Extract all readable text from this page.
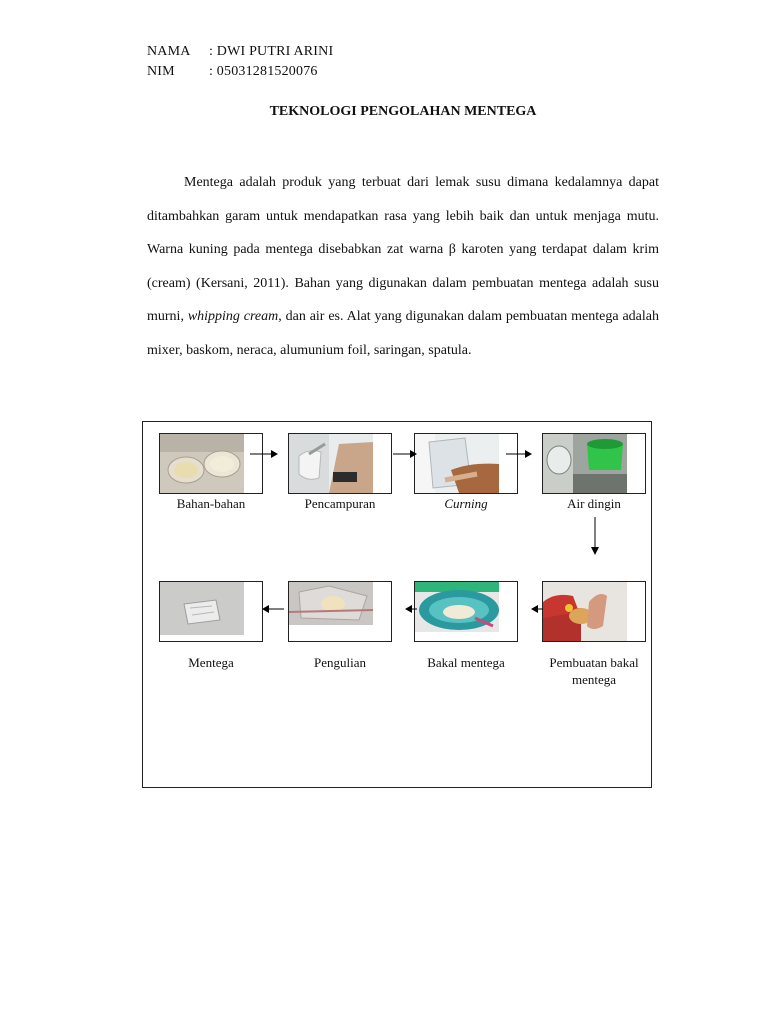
NAMA : DWI PUTRI ARINI
NIM : 05031281520076
TEKNOLOGI PENGOLAHAN MENTEGA

Mentega adalah produk yang terbuat dari lemak susu dimana kedalamnya dapat ditambahkan garam untuk mendapatkan rasa yang lebih baik dan untuk menjaga mutu. Warna kuning pada mentega disebabkan zat warna β karoten yang terdapat dalam krim (cream) (Kersani, 2011). Bahan yang digunakan dalam pembuatan mentega adalah susu murni, whipping cream, dan air es. Alat yang digunakan dalam pembuatan mentega adalah mixer, baskom, neraca, alumunium foil, saringan, spatula.

Bahan-bahan	Pencampuran	Curning	Air dingin
Pembuatan bakal mentega
Bakal mentega
Pengulian
Mentega
